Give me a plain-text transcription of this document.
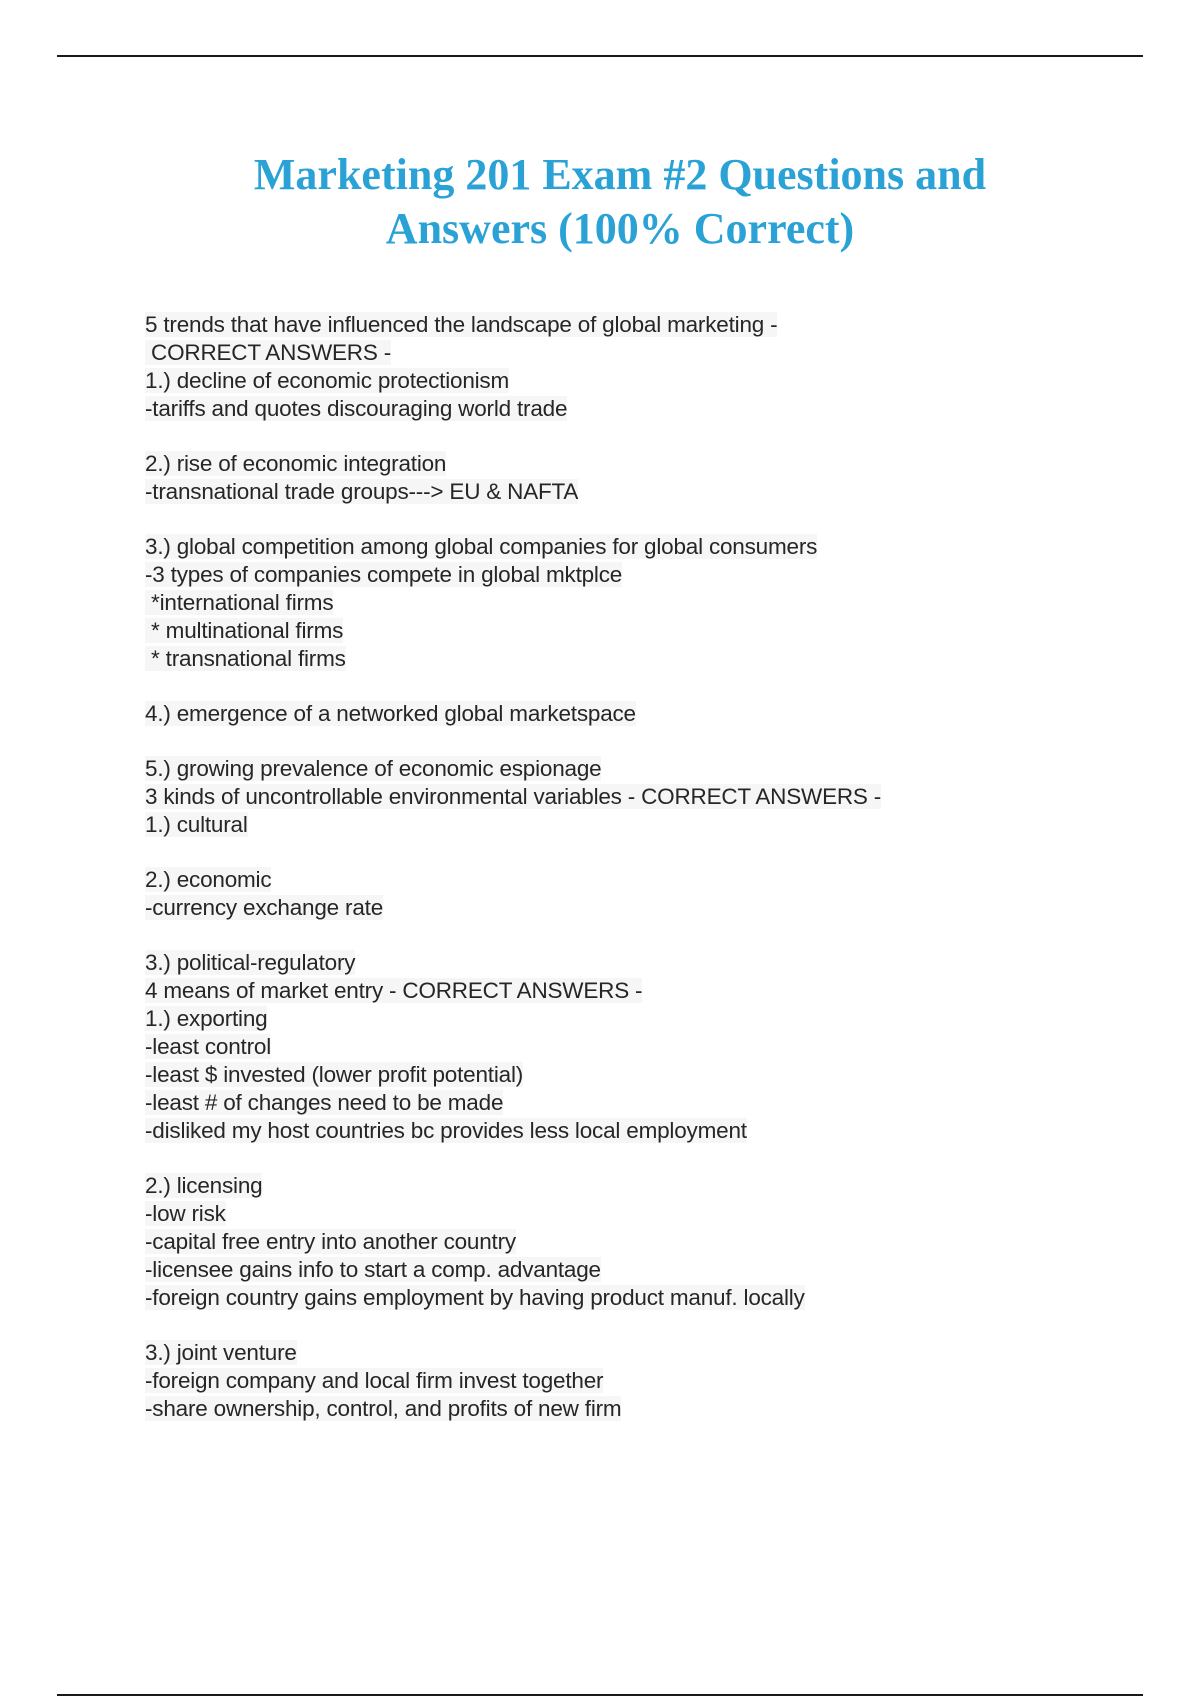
Marketing 201 Exam #2 Questions and
Answers (100% Correct)
5 trends that have influenced the landscape of global marketing -
CORRECT ANSWERS -
1.) decline of economic protectionism
-tariffs and quotes discouraging world trade
2.) rise of economic integration
-transnational trade groups---> EU & NAFTA
3.) global competition among global companies for global consumers
-3 types of companies compete in global mktplce
*international firms
* multinational firms
* transnational firms
4.) emergence of a networked global marketspace
5.) growing prevalence of economic espionage
3 kinds of uncontrollable environmental variables - CORRECT ANSWERS -
1.) cultural
2.) economic
-currency exchange rate
3.) political-regulatory
4 means of market entry - CORRECT ANSWERS -
1.) exporting
-least control
-least $ invested (lower profit potential)
-least # of changes need to be made
-disliked my host countries bc provides less local employment
2.) licensing
-low risk
-capital free entry into another country
-licensee gains info to start a comp. advantage
-foreign country gains employment by having product manuf. locally
3.) joint venture
-foreign company and local firm invest together
-share ownership, control, and profits of new firm
